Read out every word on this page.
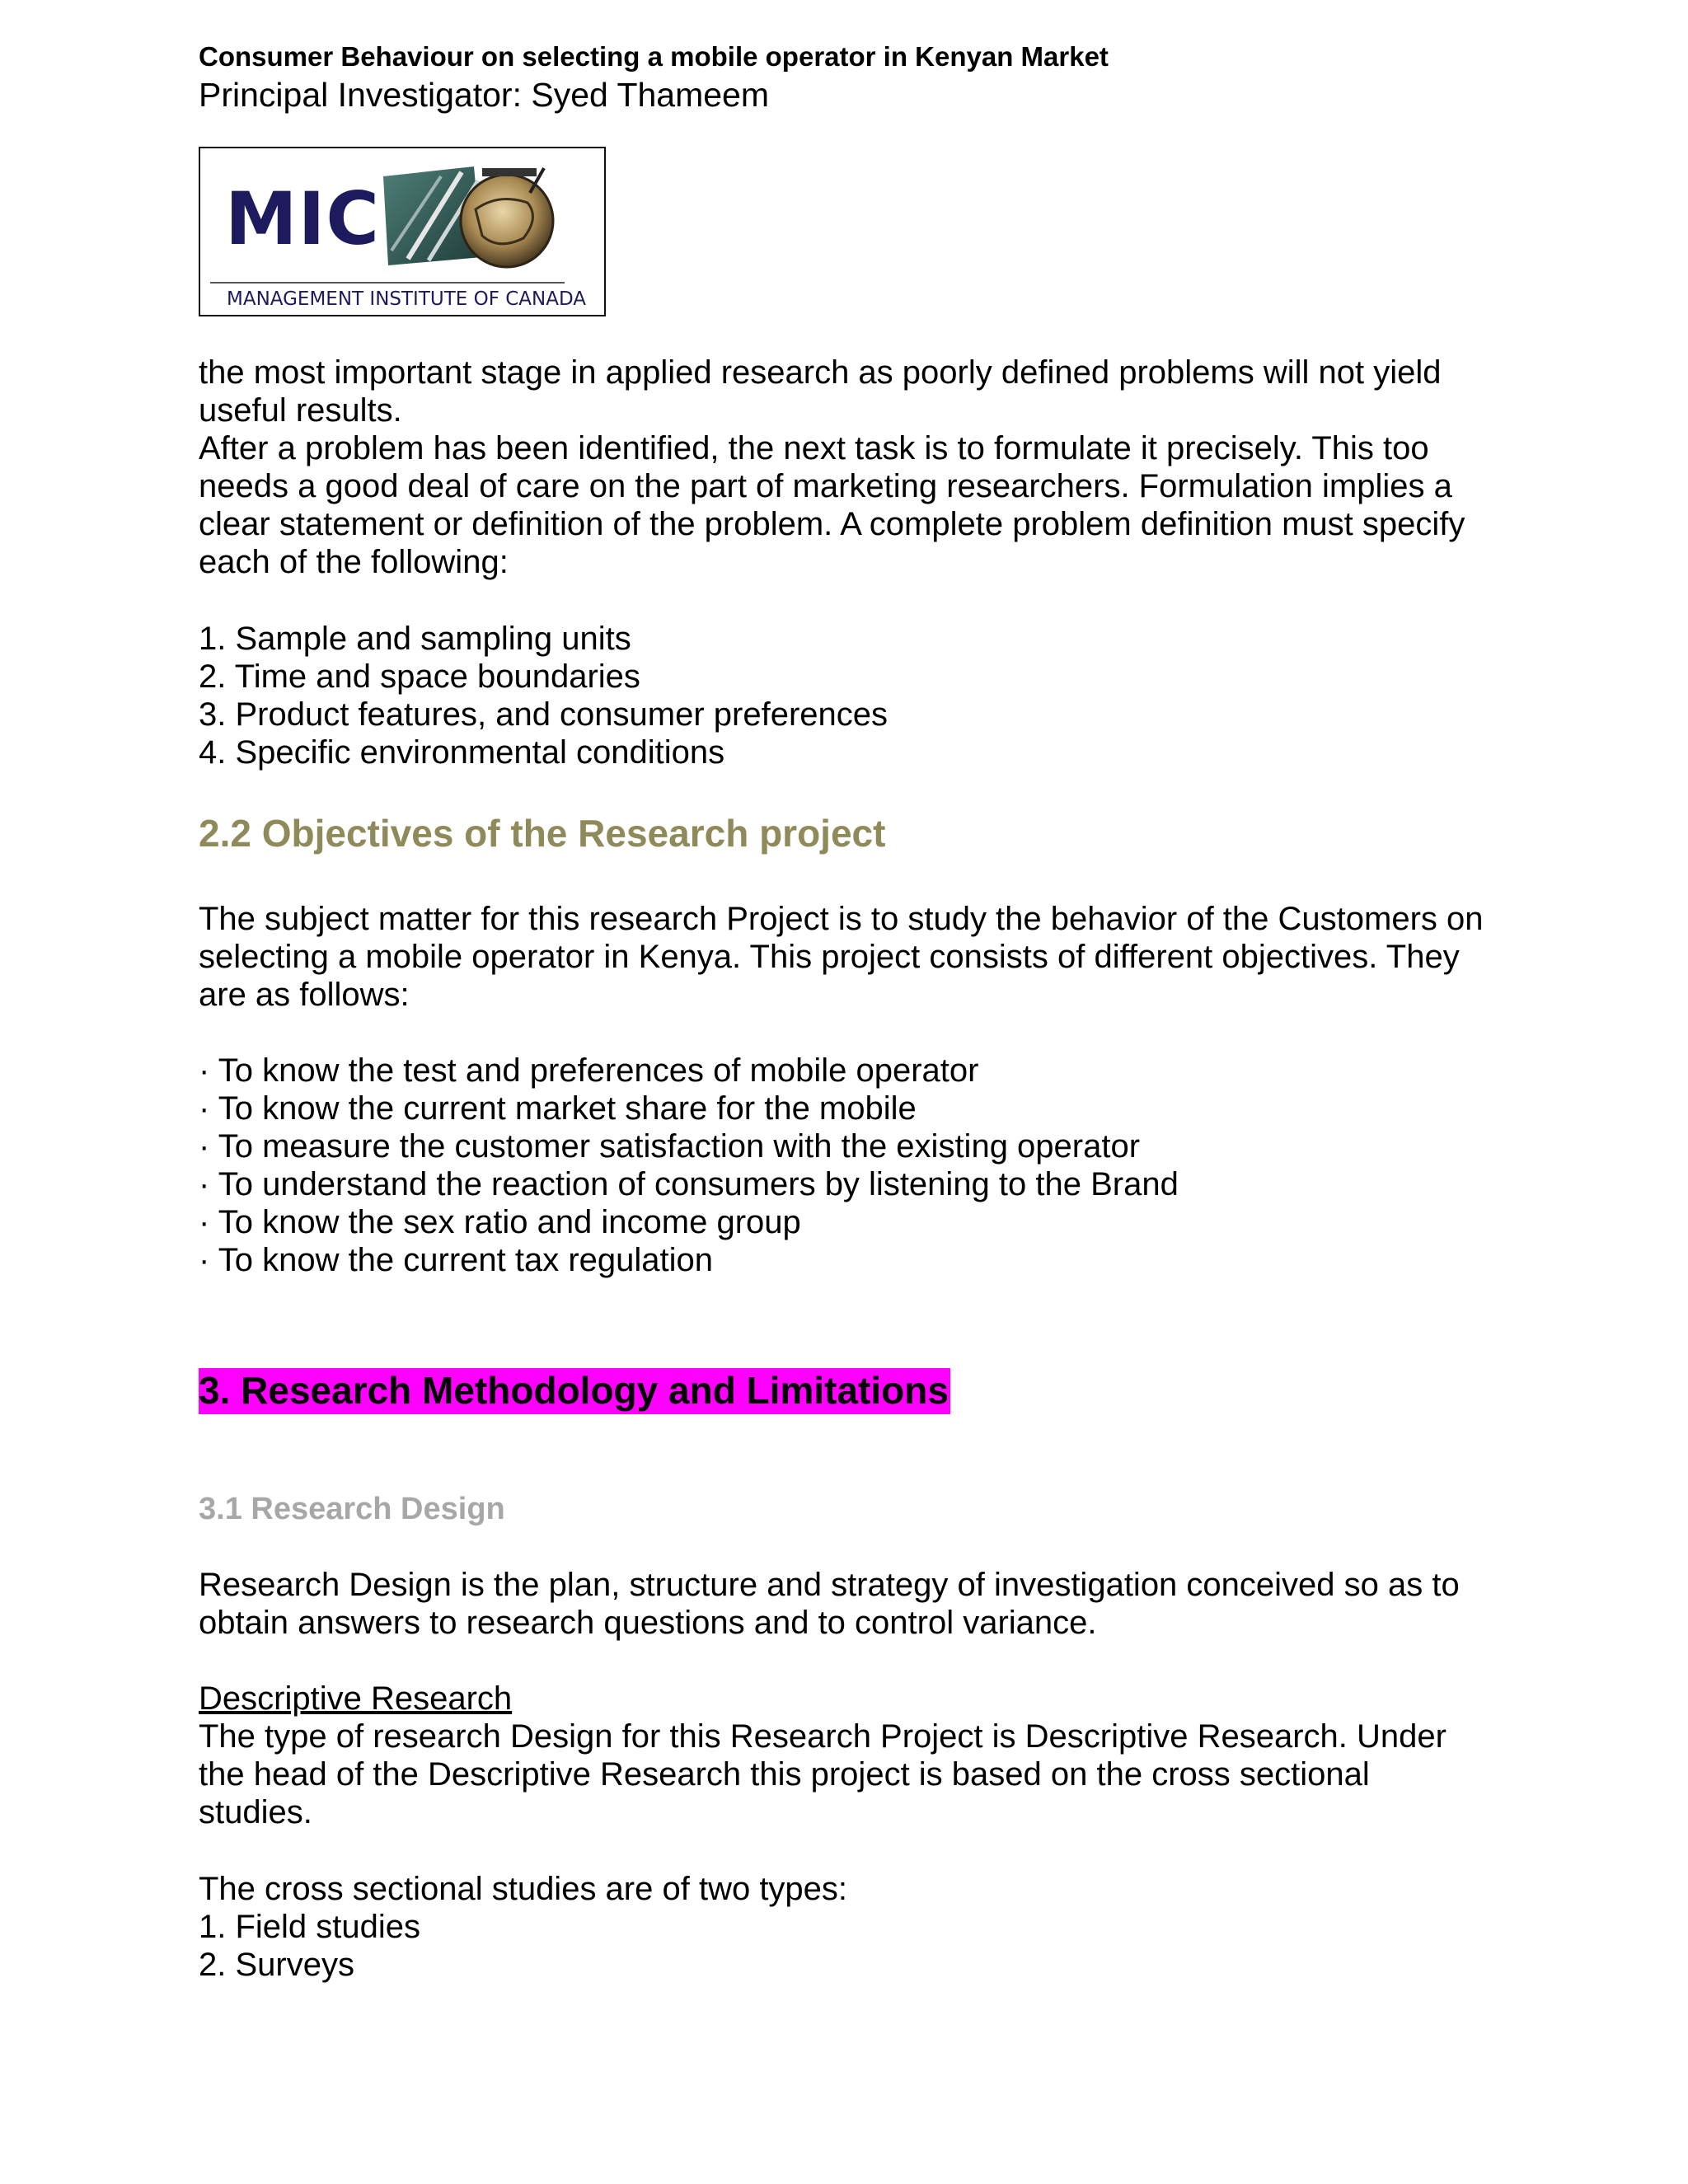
Consumer Behaviour on selecting a mobile operator in Kenyan Market
Principal Investigator: Syed Thameem
MIC
MANAGEMENT INSTITUTE OF CANADA
the most important stage in applied research as poorly defined problems will not yield
useful results.
After a problem has been identified, the next task is to formulate it precisely. This too
needs a good deal of care on the part of marketing researchers. Formulation implies a
clear statement or definition of the problem. A complete problem definition must specify
each of the following:
1. Sample and sampling units
2. Time and space boundaries
3. Product features, and consumer preferences
4. Specific environmental conditions
2.2 Objectives of the Research project
The subject matter for this research Project is to study the behavior of the Customers on
selecting a mobile operator in Kenya. This project consists of different objectives. They
are as follows:
· To know the test and preferences of mobile operator
· To know the current market share for the mobile
· To measure the customer satisfaction with the existing operator
· To understand the reaction of consumers by listening to the Brand
· To know the sex ratio and income group
· To know the current tax regulation
3. Research Methodology and Limitations
3.1 Research Design
Research Design is the plan, structure and strategy of investigation conceived so as to
obtain answers to research questions and to control variance.
Descriptive Research
The type of research Design for this Research Project is Descriptive Research. Under
the head of the Descriptive Research this project is based on the cross sectional
studies.
The cross sectional studies are of two types:
1. Field studies
2. Surveys
